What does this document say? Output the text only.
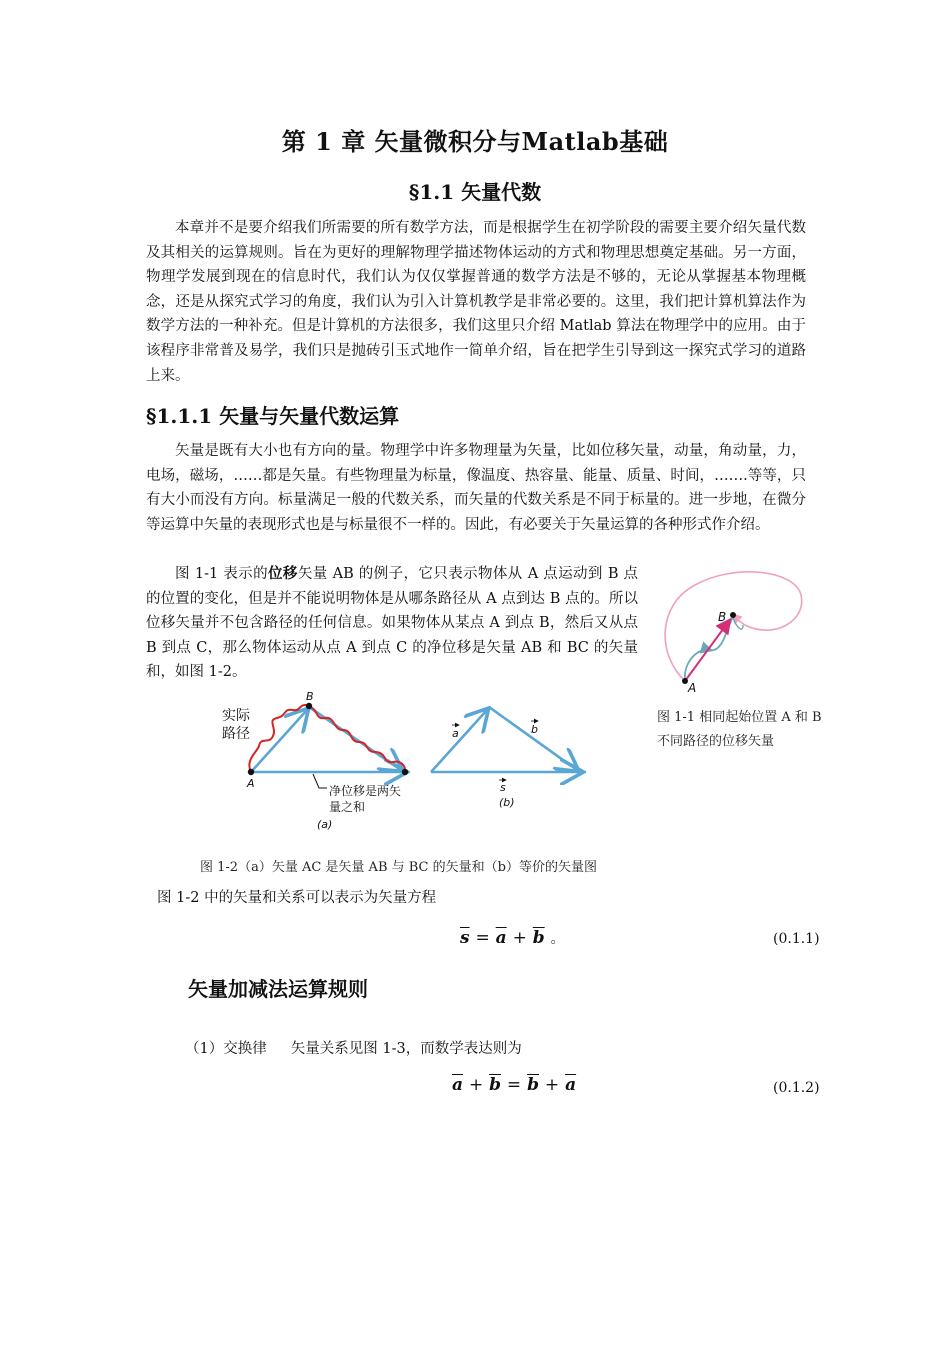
第 1 章 矢量微积分与Matlab基础
§1.1 矢量代数
本章并不是要介绍我们所需要的所有数学方法，而是根据学生在初学阶段的需要主要介绍矢量代数及其相关的运算规则。旨在为更好的理解物理学描述物体运动的方式和物理思想奠定基础。另一方面，物理学发展到现在的信息时代，我们认为仅仅掌握普通的数学方法是不够的，无论从掌握基本物理概念，还是从探究式学习的角度，我们认为引入计算机教学是非常必要的。这里，我们把计算机算法作为数学方法的一种补充。但是计算机的方法很多，我们这里只介绍 Matlab 算法在物理学中的应用。由于该程序非常普及易学，我们只是抛砖引玉式地作一简单介绍，旨在把学生引导到这一探究式学习的道路上来。
§1.1.1 矢量与矢量代数运算
矢量是既有大小也有方向的量。物理学中许多物理量为矢量，比如位移矢量，动量，角动量，力，电场，磁场，……都是矢量。有些物理量为标量，像温度、热容量、能量、质量、时间，…….等等，只有大小而没有方向。标量满足一般的代数关系，而矢量的代数关系是不同于标量的。进一步地，在微分等运算中矢量的表现形式也是与标量很不一样的。因此，有必要关于矢量运算的各种形式作介绍。
图 1-1 表示的位移矢量 AB 的例子，它只表示物体从 A 点运动到 B 点的位置的变化，但是并不能说明物体是从哪条路径从 A 点到达 B 点的。所以位移矢量并不包含路径的任何信息。如果物体从某点 A 到点 B，然后又从点 B 到点 C，那么物体运动从点 A 到点 C 的净位移是矢量 AB 和 BC 的矢量和，如图 1-2。
A
B
图 1-1 相同起始位置 A 和 B 不同路径的位移矢量
A
B
实际
路径
净位移是两矢
量之和
(a)
a	b
s
(b)
图 1-2（a）矢量 AC 是矢量 AB 与 BC 的矢量和（b）等价的矢量图
图 1-2 中的矢量和关系可以表示为矢量方程
$\overline{s} = \overline{a} + \overline{b}$ 。	(0.1.1)
矢量加减法运算规则
（1）交换律 矢量关系见图 1-3，而数学表达则为
$\overline{a} + \overline{b} = \overline{b} + \overline{a}$	(0.1.2)
